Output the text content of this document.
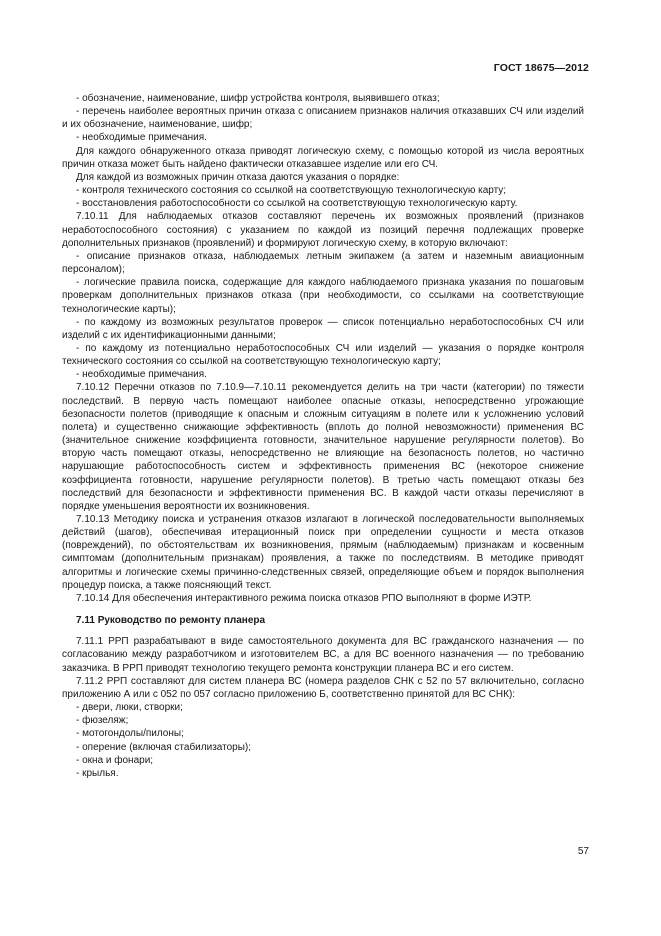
ГОСТ 18675—2012

- обозначение, наименование, шифр устройства контроля, выявившего отказ;

- перечень наиболее вероятных причин отказа с описанием признаков наличия отказавших СЧ или изделий и их обозначение, наименование, шифр;

- необходимые примечания.

Для каждого обнаруженного отказа приводят логическую схему, с помощью которой из числа вероятных причин отказа может быть найдено фактически отказавшее изделие или его СЧ.

Для каждой из возможных причин отказа даются указания о порядке:

- контроля технического состояния со ссылкой на соответствующую технологическую карту;

- восстановления работоспособности со ссылкой на соответствующую технологическую карту.

7.10.11 Для наблюдаемых отказов составляют перечень их возможных проявлений (признаков неработоспособного состояния) с указанием по каждой из позиций перечня подлежащих проверке дополнительных признаков (проявлений) и формируют логическую схему, в которую включают:

- описание признаков отказа, наблюдаемых летным экипажем (а затем и наземным авиационным персоналом);

- логические правила поиска, содержащие для каждого наблюдаемого признака указания по пошаговым проверкам дополнительных признаков отказа (при необходимости, со ссылками на соответствующие технологические карты);

- по каждому из возможных результатов проверок — список потенциально неработоспособных СЧ или изделий с их идентификационными данными;

- по каждому из потенциально неработоспособных СЧ или изделий — указания о порядке контроля технического состояния со ссылкой на соответствующую технологическую карту;

- необходимые примечания.

7.10.12 Перечни отказов по 7.10.9—7.10.11 рекомендуется делить на три части (категории) по тяжести последствий. В первую часть помещают наиболее опасные отказы, непосредственно угрожающие безопасности полетов (приводящие к опасным и сложным ситуациям в полете или к усложнению условий полета) и существенно снижающие эффективность (вплоть до полной невозможности) применения ВС (значительное снижение коэффициента готовности, значительное нарушение регулярности полетов). Во вторую часть помещают отказы, непосредственно не влияющие на безопасность полетов, но частично нарушающие работоспособность систем и эффективность применения ВС (некоторое снижение коэффициента готовности, нарушение регулярности полетов). В третью часть помещают отказы без последствий для безопасности и эффективности применения ВС. В каждой части отказы перечисляют в порядке уменьшения вероятности их возникновения.

7.10.13 Методику поиска и устранения отказов излагают в логической последовательности выполняемых действий (шагов), обеспечивая итерационный поиск при определении сущности и места отказов (повреждений), по обстоятельствам их возникновения, прямым (наблюдаемым) признакам и косвенным симптомам (дополнительным признакам) проявления, а также по последствиям. В методике приводят алгоритмы и логические схемы причинно-следственных связей, определяющие объем и порядок выполнения процедур поиска, а также поясняющий текст.

7.10.14 Для обеспечения интерактивного режима поиска отказов РПО выполняют в форме ИЭТР.

7.11 Руководство по ремонту планера

7.11.1 РРП разрабатывают в виде самостоятельного документа для ВС гражданского назначения — по согласованию между разработчиком и изготовителем ВС, а для ВС военного назначения — по требованию заказчика. В РРП приводят технологию текущего ремонта конструкции планера ВС и его систем.

7.11.2 РРП составляют для систем планера ВС (номера разделов СНК с 52 по 57 включительно, согласно приложению А или с 052 по 057 согласно приложению Б, соответственно принятой для ВС СНК):

- двери, люки, створки;

- фюзеляж;

- мотогондолы/пилоны;

- оперение (включая стабилизаторы);

- окна и фонари;

- крылья.

57
